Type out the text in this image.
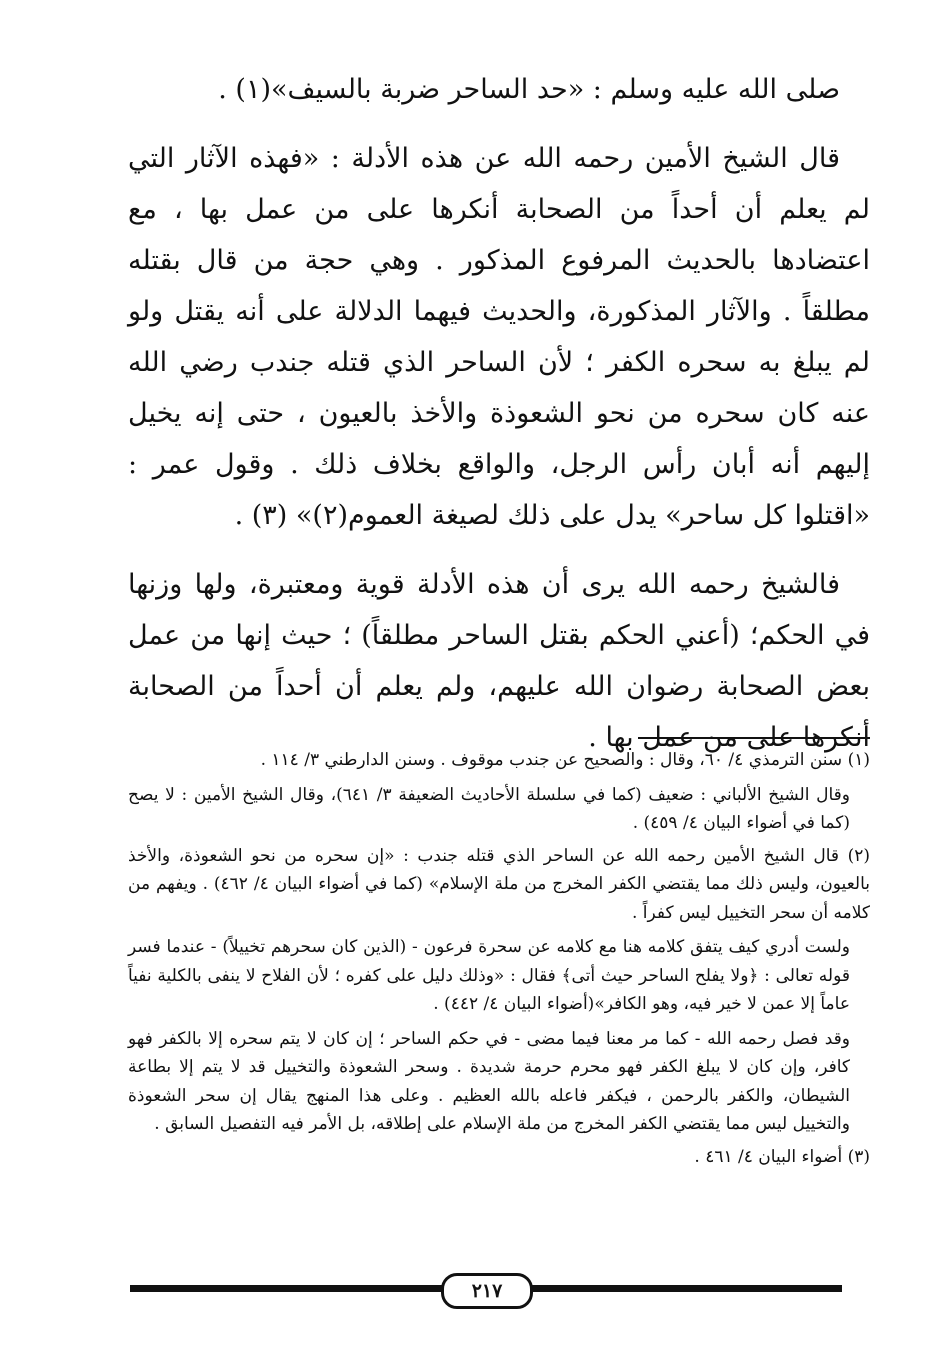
صلى الله عليه وسلم : «حد الساحر ضربة بالسيف»(١) .

قال الشيخ الأمين رحمه الله عن هذه الأدلة : «فهذه الآثار التي لم يعلم أن أحداً من الصحابة أنكرها على من عمل بها ، مع اعتضادها بالحديث المرفوع المذكور . وهي حجة من قال بقتله مطلقاً . والآثار المذكورة، والحديث فيهما الدلالة على أنه يقتل ولو لم يبلغ به سحره الكفر ؛ لأن الساحر الذي قتله جندب رضي الله عنه كان سحره من نحو الشعوذة والأخذ بالعيون ، حتى إنه يخيل إليهم أنه أبان رأس الرجل، والواقع بخلاف ذلك . وقول عمر : «اقتلوا كل ساحر» يدل على ذلك لصيغة العموم(٢)» (٣) .

فالشيخ رحمه الله يرى أن هذه الأدلة قوية ومعتبرة، ولها وزنها في الحكم؛ (أعني الحكم بقتل الساحر مطلقاً) ؛ حيث إنها من عمل بعض الصحابة رضوان الله عليهم، ولم يعلم أن أحداً من الصحابة أنكرها على من عمل بها .

(١) سنن الترمذي ٤/ ٦٠، وقال : والصحيح عن جندب موقوف . وسنن الدارطني ٣/ ١١٤ .

وقال الشيخ الألباني : ضعيف (كما في سلسلة الأحاديث الضعيفة ٣/ ٦٤١)، وقال الشيخ الأمين : لا يصح (كما في أضواء البيان ٤/ ٤٥٩) .

(٢) قال الشيخ الأمين رحمه الله عن الساحر الذي قتله جندب : «إن سحره من نحو الشعوذة، والأخذ بالعيون، وليس ذلك مما يقتضي الكفر المخرج من ملة الإسلام» (كما في أضواء البيان ٤/ ٤٦٢) . ويفهم من كلامه أن سحر التخييل ليس كفراً .

ولست أدري كيف يتفق كلامه هنا مع كلامه عن سحرة فرعون - (الذين كان سحرهم تخييلاً) - عندما فسر قوله تعالى : ﴿ولا يفلح الساحر حيث أتى﴾ فقال : «وذلك دليل على كفره ؛ لأن الفلاح لا ينفى بالكلية نفياً عاماً إلا عمن لا خير فيه، وهو الكافر»(أضواء البيان ٤/ ٤٤٢) .

وقد فصل رحمه الله - كما مر معنا فيما مضى - في حكم الساحر ؛ إن كان لا يتم سحره إلا بالكفر فهو كافر، وإن كان لا يبلغ الكفر فهو محرم حرمة شديدة . وسحر الشعوذة والتخييل قد لا يتم إلا بطاعة الشيطان، والكفر بالرحمن ، فيكفر فاعله بالله العظيم . وعلى هذا المنهج يقال إن سحر الشعوذة والتخييل ليس مما يقتضي الكفر المخرج من ملة الإسلام على إطلاقه، بل الأمر فيه التفصيل السابق .

(٣) أضواء البيان ٤/ ٤٦١ .

٢١٧
